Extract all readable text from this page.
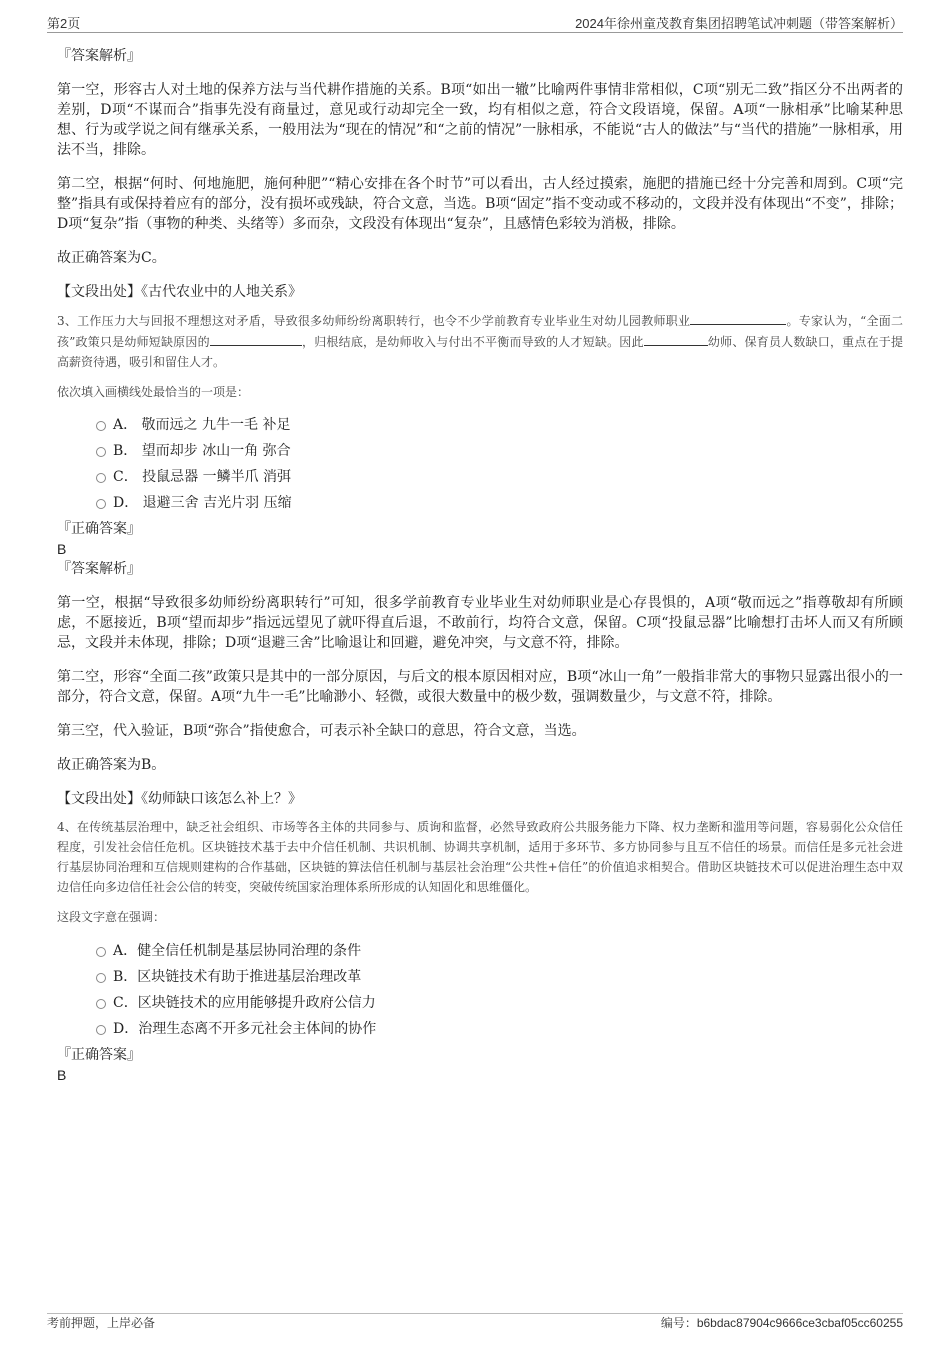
第2页	2024年徐州童茂教育集团招聘笔试冲刺题（带答案解析）

『答案解析』

第一空，形容古人对土地的保养方法与当代耕作措施的关系。B项“如出一辙”比喻两件事情非常相似，C项“别无二致”指区分不出两者的差别，D项“不谋而合”指事先没有商量过，意见或行动却完全一致，均有相似之意，符合文段语境，保留。A项“一脉相承”比喻某种思想、行为或学说之间有继承关系，一般用法为“现在的情况”和“之前的情况”一脉相承，不能说“古人的做法”与“当代的措施”一脉相承，用法不当，排除。

第二空，根据“何时、何地施肥，施何种肥”“精心安排在各个时节”可以看出，古人经过摸索，施肥的措施已经十分完善和周到。C项“完整”指具有或保持着应有的部分，没有损坏或残缺，符合文意，当选。B项“固定”指不变动或不移动的，文段并没有体现出“不变”，排除；D项“复杂”指（事物的种类、头绪等）多而杂，文段没有体现出“复杂”，且感情色彩较为消极，排除。

故正确答案为C。

【文段出处】《古代农业中的人地关系》

3、工作压力大与回报不理想这对矛盾，导致很多幼师纷纷离职转行，也令不少学前教育专业毕业生对幼儿园教师职业	。专家认为，“全面二孩”政策只是幼师短缺原因的	，归根结底，是幼师收入与付出不平衡而导致的人才短缺。因此	幼师、保育员人数缺口，重点在于提高薪资待遇，吸引和留住人才。

依次填入画横线处最恰当的一项是：

A． 敬而远之 九牛一毛 补足
B． 望而却步 冰山一角 弥合
C． 投鼠忌器 一鳞半爪 消弭
D． 退避三舍 吉光片羽 压缩

『正确答案』

B

『答案解析』

第一空，根据“导致很多幼师纷纷离职转行”可知，很多学前教育专业毕业生对幼师职业是心存畏惧的，A项“敬而远之”指尊敬却有所顾虑，不愿接近，B项“望而却步”指远远望见了就吓得直后退，不敢前行，均符合文意，保留。C项“投鼠忌器”比喻想打击坏人而又有所顾忌，文段并未体现，排除；D项“退避三舍”比喻退让和回避，避免冲突，与文意不符，排除。

第二空，形容“全面二孩”政策只是其中的一部分原因，与后文的根本原因相对应，B项“冰山一角”一般指非常大的事物只显露出很小的一部分，符合文意，保留。A项“九牛一毛”比喻渺小、轻微，或很大数量中的极少数，强调数量少，与文意不符，排除。

第三空，代入验证，B项“弥合”指使愈合，可表示补全缺口的意思，符合文意，当选。

故正确答案为B。

【文段出处】《幼师缺口该怎么补上？》

4、在传统基层治理中，缺乏社会组织、市场等各主体的共同参与、质询和监督，必然导致政府公共服务能力下降、权力垄断和滥用等问题，容易弱化公众信任程度，引发社会信任危机。区块链技术基于去中介信任机制、共识机制、协调共享机制，适用于多环节、多方协同参与且互不信任的场景。而信任是多元社会进行基层协同治理和互信规则建构的合作基础，区块链的算法信任机制与基层社会治理“公共性+信任”的价值追求相契合。借助区块链技术可以促进治理生态中双边信任向多边信任社会公信的转变，突破传统国家治理体系所形成的认知固化和思维僵化。

这段文字意在强调：

A．健全信任机制是基层协同治理的条件
B．区块链技术有助于推进基层治理改革
C．区块链技术的应用能够提升政府公信力
D．治理生态离不开多元社会主体间的协作

『正确答案』

B

考前押题，上岸必备	编号：b6bdac87904c9666ce3cbaf05cc60255
